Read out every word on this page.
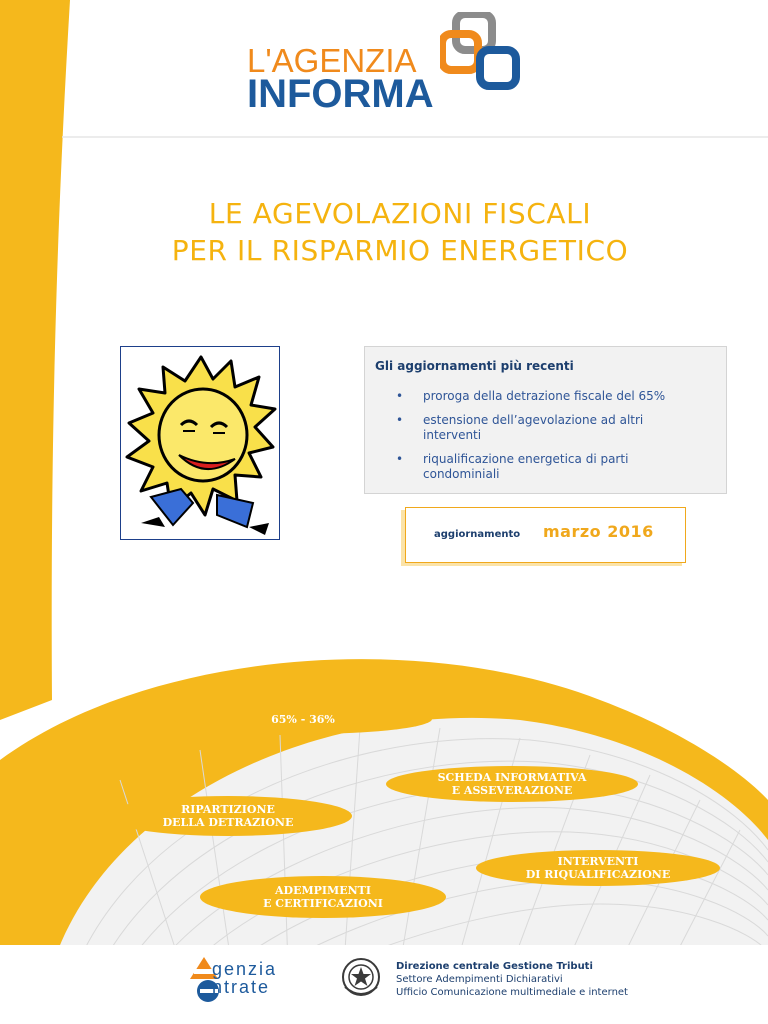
L'AGENZIA
INFORMA
LE AGEVOLAZIONI FISCALI
PER IL RISPARMIO ENERGETICO
Gli aggiornamenti più recenti
• proroga della detrazione fiscale del 65%
• estensione dell’agevolazione ad altri
interventi
• riqualificazione energetica di parti
condominiali
aggiornamento marzo 2016
65% - 36%
SCHEDA INFORMATIVA
E ASSEVERAZIONE
RIPARTIZIONE
DELLA DETRAZIONE
INTERVENTI
DI RIQUALIFICAZIONE
ADEMPIMENTI
E CERTIFICAZIONI
genzia
ntrate
Direzione centrale Gestione Tributi
Settore Adempimenti Dichiarativi
Ufficio Comunicazione multimediale e internet
